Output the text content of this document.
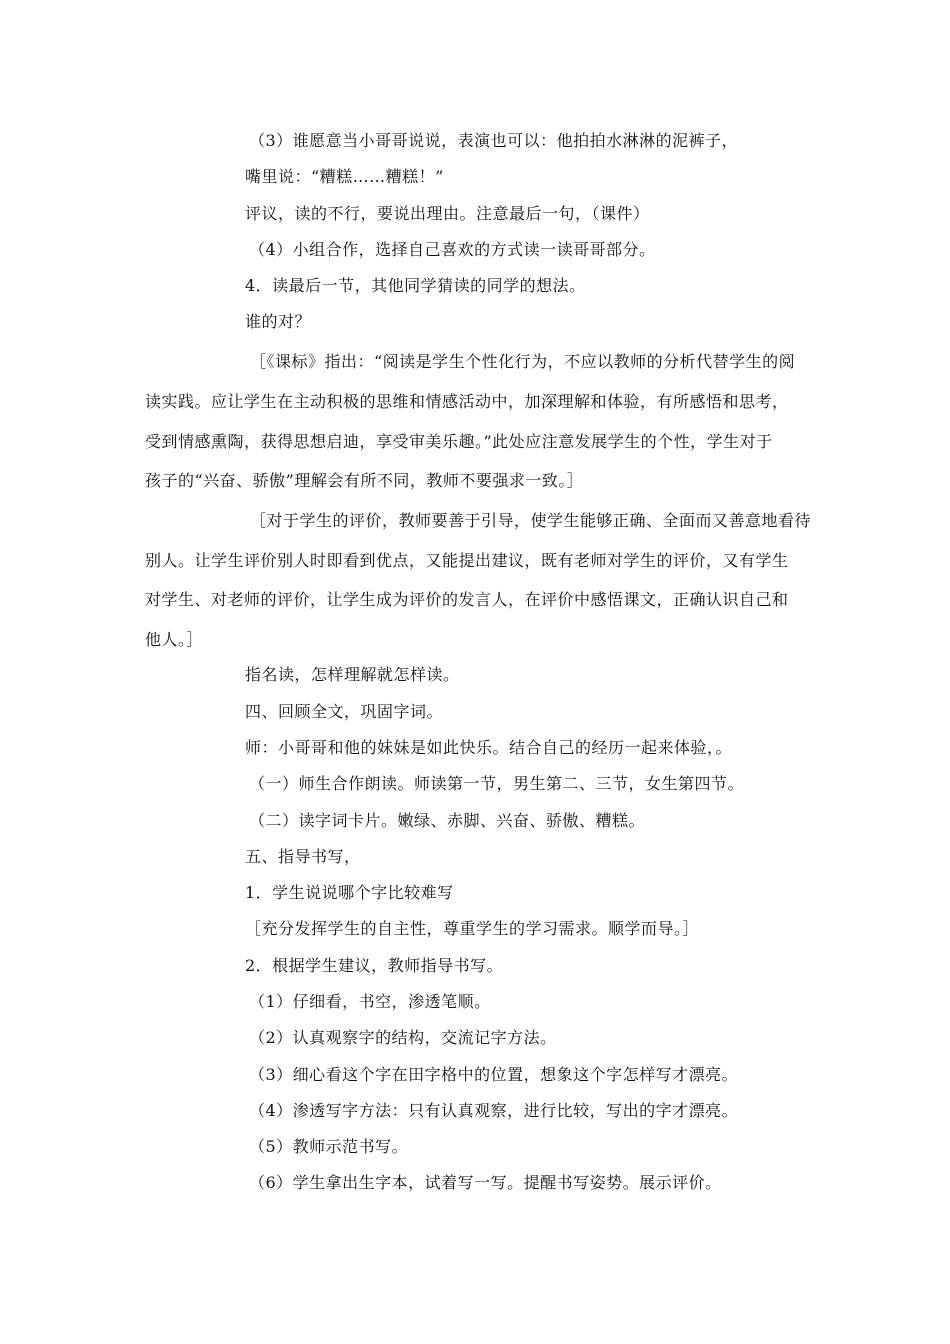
（3）谁愿意当小哥哥说说，表演也可以：他拍拍水淋淋的泥裤子，
嘴里说：“糟糕……糟糕！”
评议，读的不行，要说出理由。注意最后一句，（课件）
（4）小组合作，选择自己喜欢的方式读一读哥哥部分。
4．读最后一节，其他同学猜读的同学的想法。
谁的对？
［《课标》指出：“阅读是学生个性化行为，不应以教师的分析代替学生的阅
读实践。应让学生在主动积极的思维和情感活动中，加深理解和体验，有所感悟和思考，
受到情感熏陶，获得思想启迪，享受审美乐趣。”此处应注意发展学生的个性，学生对于
孩子的“兴奋、骄傲”理解会有所不同，教师不要强求一致。］
［对于学生的评价，教师要善于引导，使学生能够正确、全面而又善意地看待
别人。让学生评价别人时即看到优点，又能提出建议，既有老师对学生的评价，又有学生
对学生、对老师的评价，让学生成为评价的发言人，在评价中感悟课文，正确认识自己和
他人。］
指名读，怎样理解就怎样读。
四、回顾全文，巩固字词。
师：小哥哥和他的妹妹是如此快乐。结合自己的经历一起来体验，。
（一）师生合作朗读。师读第一节，男生第二、三节，女生第四节。
（二）读字词卡片。嫩绿、赤脚、兴奋、骄傲、糟糕。
五、指导书写，
1．学生说说哪个字比较难写
［充分发挥学生的自主性，尊重学生的学习需求。顺学而导。］
2．根据学生建议，教师指导书写。
（1）仔细看，书空，渗透笔顺。
（2）认真观察字的结构，交流记字方法。
（3）细心看这个字在田字格中的位置，想象这个字怎样写才漂亮。
（4）渗透写字方法：只有认真观察，进行比较，写出的字才漂亮。
（5）教师示范书写。
（6）学生拿出生字本，试着写一写。提醒书写姿势。展示评价。
